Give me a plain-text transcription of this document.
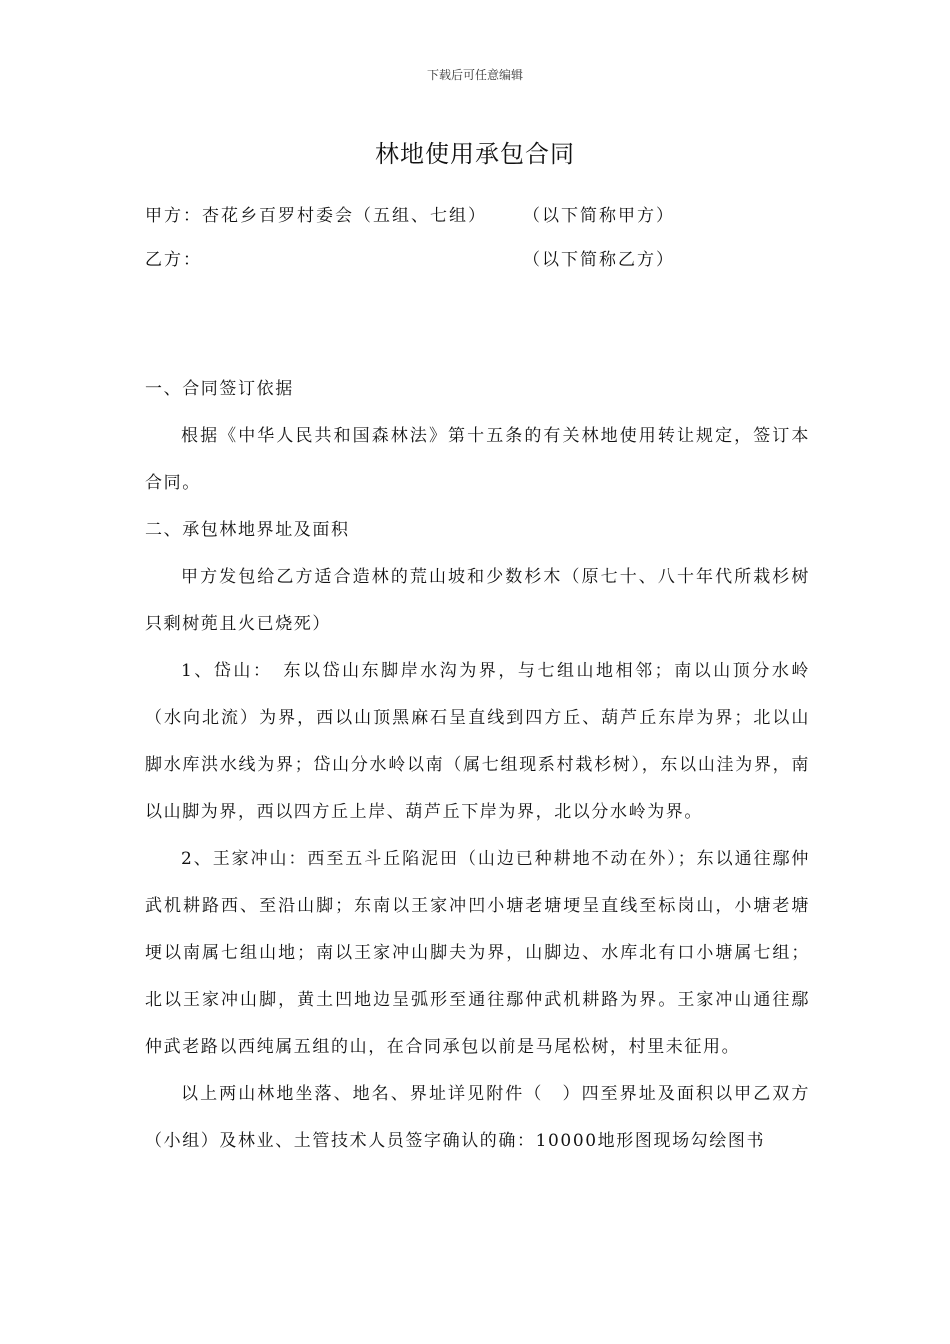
下载后可任意编辑
林地使用承包合同
甲方：杏花乡百罗村委会（五组、七组） （以下简称甲方）
乙方：	（以下简称乙方）

一、合同签订依据

根据《中华人民共和国森林法》第十五条的有关林地使用转让规定，签订本合同。

二、承包林地界址及面积

甲方发包给乙方适合造林的荒山坡和少数杉木（原七十、八十年代所栽杉树只剩树蔸且火已烧死）

1、岱山：　东以岱山东脚岸水沟为界，与七组山地相邻；南以山顶分水岭（水向北流）为界，西以山顶黑麻石呈直线到四方丘、葫芦丘东岸为界；北以山脚水库洪水线为界；岱山分水岭以南（属七组现系村栽杉树），东以山洼为界，南以山脚为界，西以四方丘上岸、葫芦丘下岸为界，北以分水岭为界。

2、王家冲山：西至五斗丘陷泥田（山边已种耕地不动在外）；东以通往鄢仲武机耕路西、至沿山脚；东南以王家冲凹小塘老塘埂呈直线至标岗山，小塘老塘埂以南属七组山地；南以王家冲山脚夫为界，山脚边、水库北有口小塘属七组；北以王家冲山脚，黄土凹地边呈弧形至通往鄢仲武机耕路为界。王家冲山通往鄢仲武老路以西纯属五组的山，在合同承包以前是马尾松树，村里未征用。

以上两山林地坐落、地名、界址详见附件（　）四至界址及面积以甲乙双方（小组）及林业、土管技术人员签字确认的确：10000地形图现场勾绘图书
